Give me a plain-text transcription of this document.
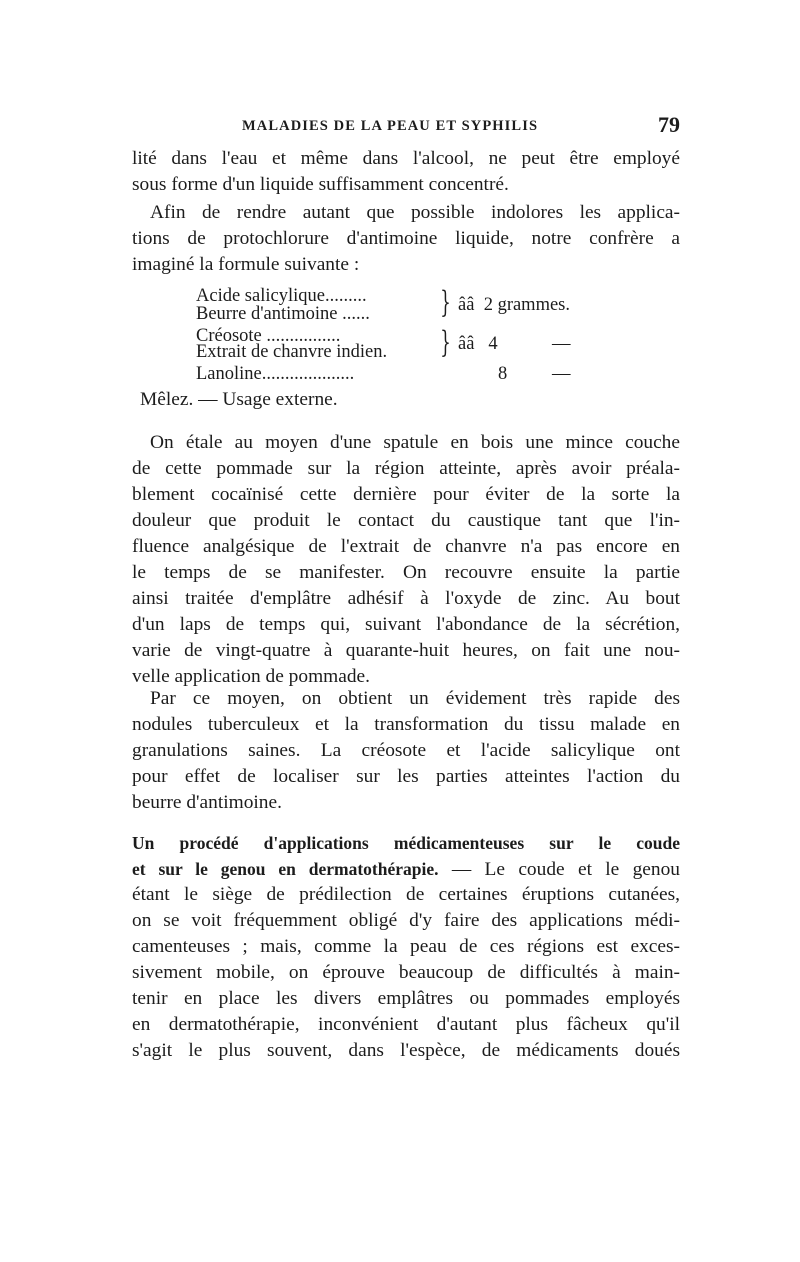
MALADIES DE LA PEAU ET SYPHILIS	79
lité dans l'eau et même dans l'alcool, ne peut être employé
sous forme d'un liquide suffisamment concentré.
Afin de rendre autant que possible indolores les applica-
tions de protochlorure d'antimoine liquide, notre confrère a
imaginé la formule suivante :
Acide salicylique.........
Beurre d'antimoine ...... } ââ 2 grammes.
Créosote ................
Extrait de chanvre indien. } ââ 4	—
Lanoline....................	8 —
Mêlez. — Usage externe.
On étale au moyen d'une spatule en bois une mince couche
de cette pommade sur la région atteinte, après avoir préala-
blement cocaïnisé cette dernière pour éviter de la sorte la
douleur que produit le contact du caustique tant que l'in-
fluence analgésique de l'extrait de chanvre n'a pas encore en
le temps de se manifester. On recouvre ensuite la partie
ainsi traitée d'emplâtre adhésif à l'oxyde de zinc. Au bout
d'un laps de temps qui, suivant l'abondance de la sécrétion,
varie de vingt-quatre à quarante-huit heures, on fait une nou-
velle application de pommade.
Par ce moyen, on obtient un évidement très rapide des
nodules tuberculeux et la transformation du tissu malade en
granulations saines. La créosote et l'acide salicylique ont
pour effet de localiser sur les parties atteintes l'action du
beurre d'antimoine.
Un procédé d'applications médicamenteuses sur le coude
et sur le genou en dermatothérapie. — Le coude et le genou
étant le siège de prédilection de certaines éruptions cutanées,
on se voit fréquemment obligé d'y faire des applications médi-
camenteuses ; mais, comme la peau de ces régions est exces-
sivement mobile, on éprouve beaucoup de difficultés à main-
tenir en place les divers emplâtres ou pommades employés
en dermatothérapie, inconvénient d'autant plus fâcheux qu'il
s'agit le plus souvent, dans l'espèce, de médicaments doués
